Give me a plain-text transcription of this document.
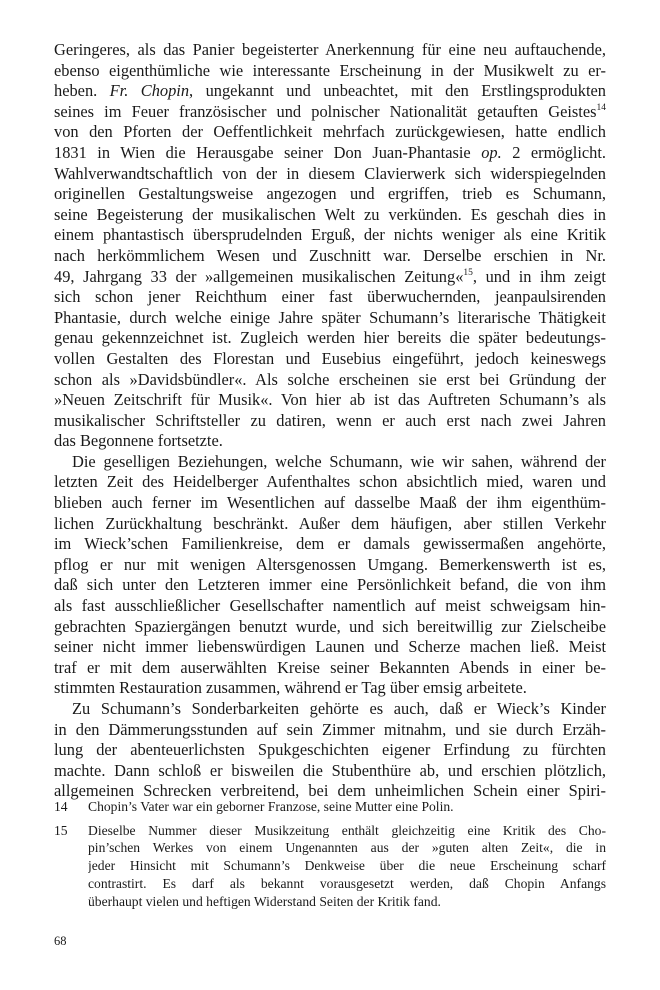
Geringeres, als das Panier begeisterter Anerkennung für eine neu auftauchende,
ebenso eigenthümliche wie interessante Erscheinung in der Musikwelt zu er-
heben. Fr. Chopin, ungekannt und unbeachtet, mit den Erstlingsprodukten
seines im Feuer französischer und polnischer Nationalität getauften Geistes$^{14}$
von den Pforten der Oeffentlichkeit mehrfach zurückgewiesen, hatte endlich
1831 in Wien die Herausgabe seiner Don Juan-Phantasie op. 2 ermöglicht.
Wahlverwandtschaftlich von der in diesem Clavierwerk sich widerspiegelnden
originellen Gestaltungsweise angezogen und ergriffen, trieb es Schumann,
seine Begeisterung der musikalischen Welt zu verkünden. Es geschah dies in
einem phantastisch übersprudelnden Erguß, der nichts weniger als eine Kritik
nach herkömmlichem Wesen und Zuschnitt war. Derselbe erschien in Nr.
49, Jahrgang 33 der »allgemeinen musikalischen Zeitung«$^{15}$, und in ihm zeigt
sich schon jener Reichthum einer fast überwuchernden, jeanpaulsirenden
Phantasie, durch welche einige Jahre später Schumann’s literarische Thätigkeit
genau gekennzeichnet ist. Zugleich werden hier bereits die später bedeutungs-
vollen Gestalten des Florestan und Eusebius eingeführt, jedoch keineswegs
schon als »Davidsbündler«. Als solche erscheinen sie erst bei Gründung der
»Neuen Zeitschrift für Musik«. Von hier ab ist das Auftreten Schumann’s als
musikalischer Schriftsteller zu datiren, wenn er auch erst nach zwei Jahren
das Begonnene fortsetzte.
Die geselligen Beziehungen, welche Schumann, wie wir sahen, während der
letzten Zeit des Heidelberger Aufenthaltes schon absichtlich mied, waren und
blieben auch ferner im Wesentlichen auf dasselbe Maaß der ihm eigenthüm-
lichen Zurückhaltung beschränkt. Außer dem häufigen, aber stillen Verkehr
im Wieck’schen Familienkreise, dem er damals gewissermaßen angehörte,
pflog er nur mit wenigen Altersgenossen Umgang. Bemerkenswerth ist es,
daß sich unter den Letzteren immer eine Persönlichkeit befand, die von ihm
als fast ausschließlicher Gesellschafter namentlich auf meist schweigsam hin-
gebrachten Spaziergängen benutzt wurde, und sich bereitwillig zur Zielscheibe
seiner nicht immer liebenswürdigen Launen und Scherze machen ließ. Meist
traf er mit dem auserwählten Kreise seiner Bekannten Abends in einer be-
stimmten Restauration zusammen, während er Tag über emsig arbeitete.
Zu Schumann’s Sonderbarkeiten gehörte es auch, daß er Wieck’s Kinder
in den Dämmerungsstunden auf sein Zimmer mitnahm, und sie durch Erzäh-
lung der abenteuerlichsten Spukgeschichten eigener Erfindung zu fürchten
machte. Dann schloß er bisweilen die Stubenthüre ab, und erschien plötzlich,
allgemeinen Schrecken verbreitend, bei dem unheimlichen Schein einer Spiri-
14	Chopin’s Vater war ein geborner Franzose, seine Mutter eine Polin.
15	Dieselbe Nummer dieser Musikzeitung enthält gleichzeitig eine Kritik des Cho-
pin’schen Werkes von einem Ungenannten aus der »guten alten Zeit«, die in
jeder Hinsicht mit Schumann’s Denkweise über die neue Erscheinung scharf
contrastirt. Es darf als bekannt vorausgesetzt werden, daß Chopin Anfangs
überhaupt vielen und heftigen Widerstand Seiten der Kritik fand.
68
